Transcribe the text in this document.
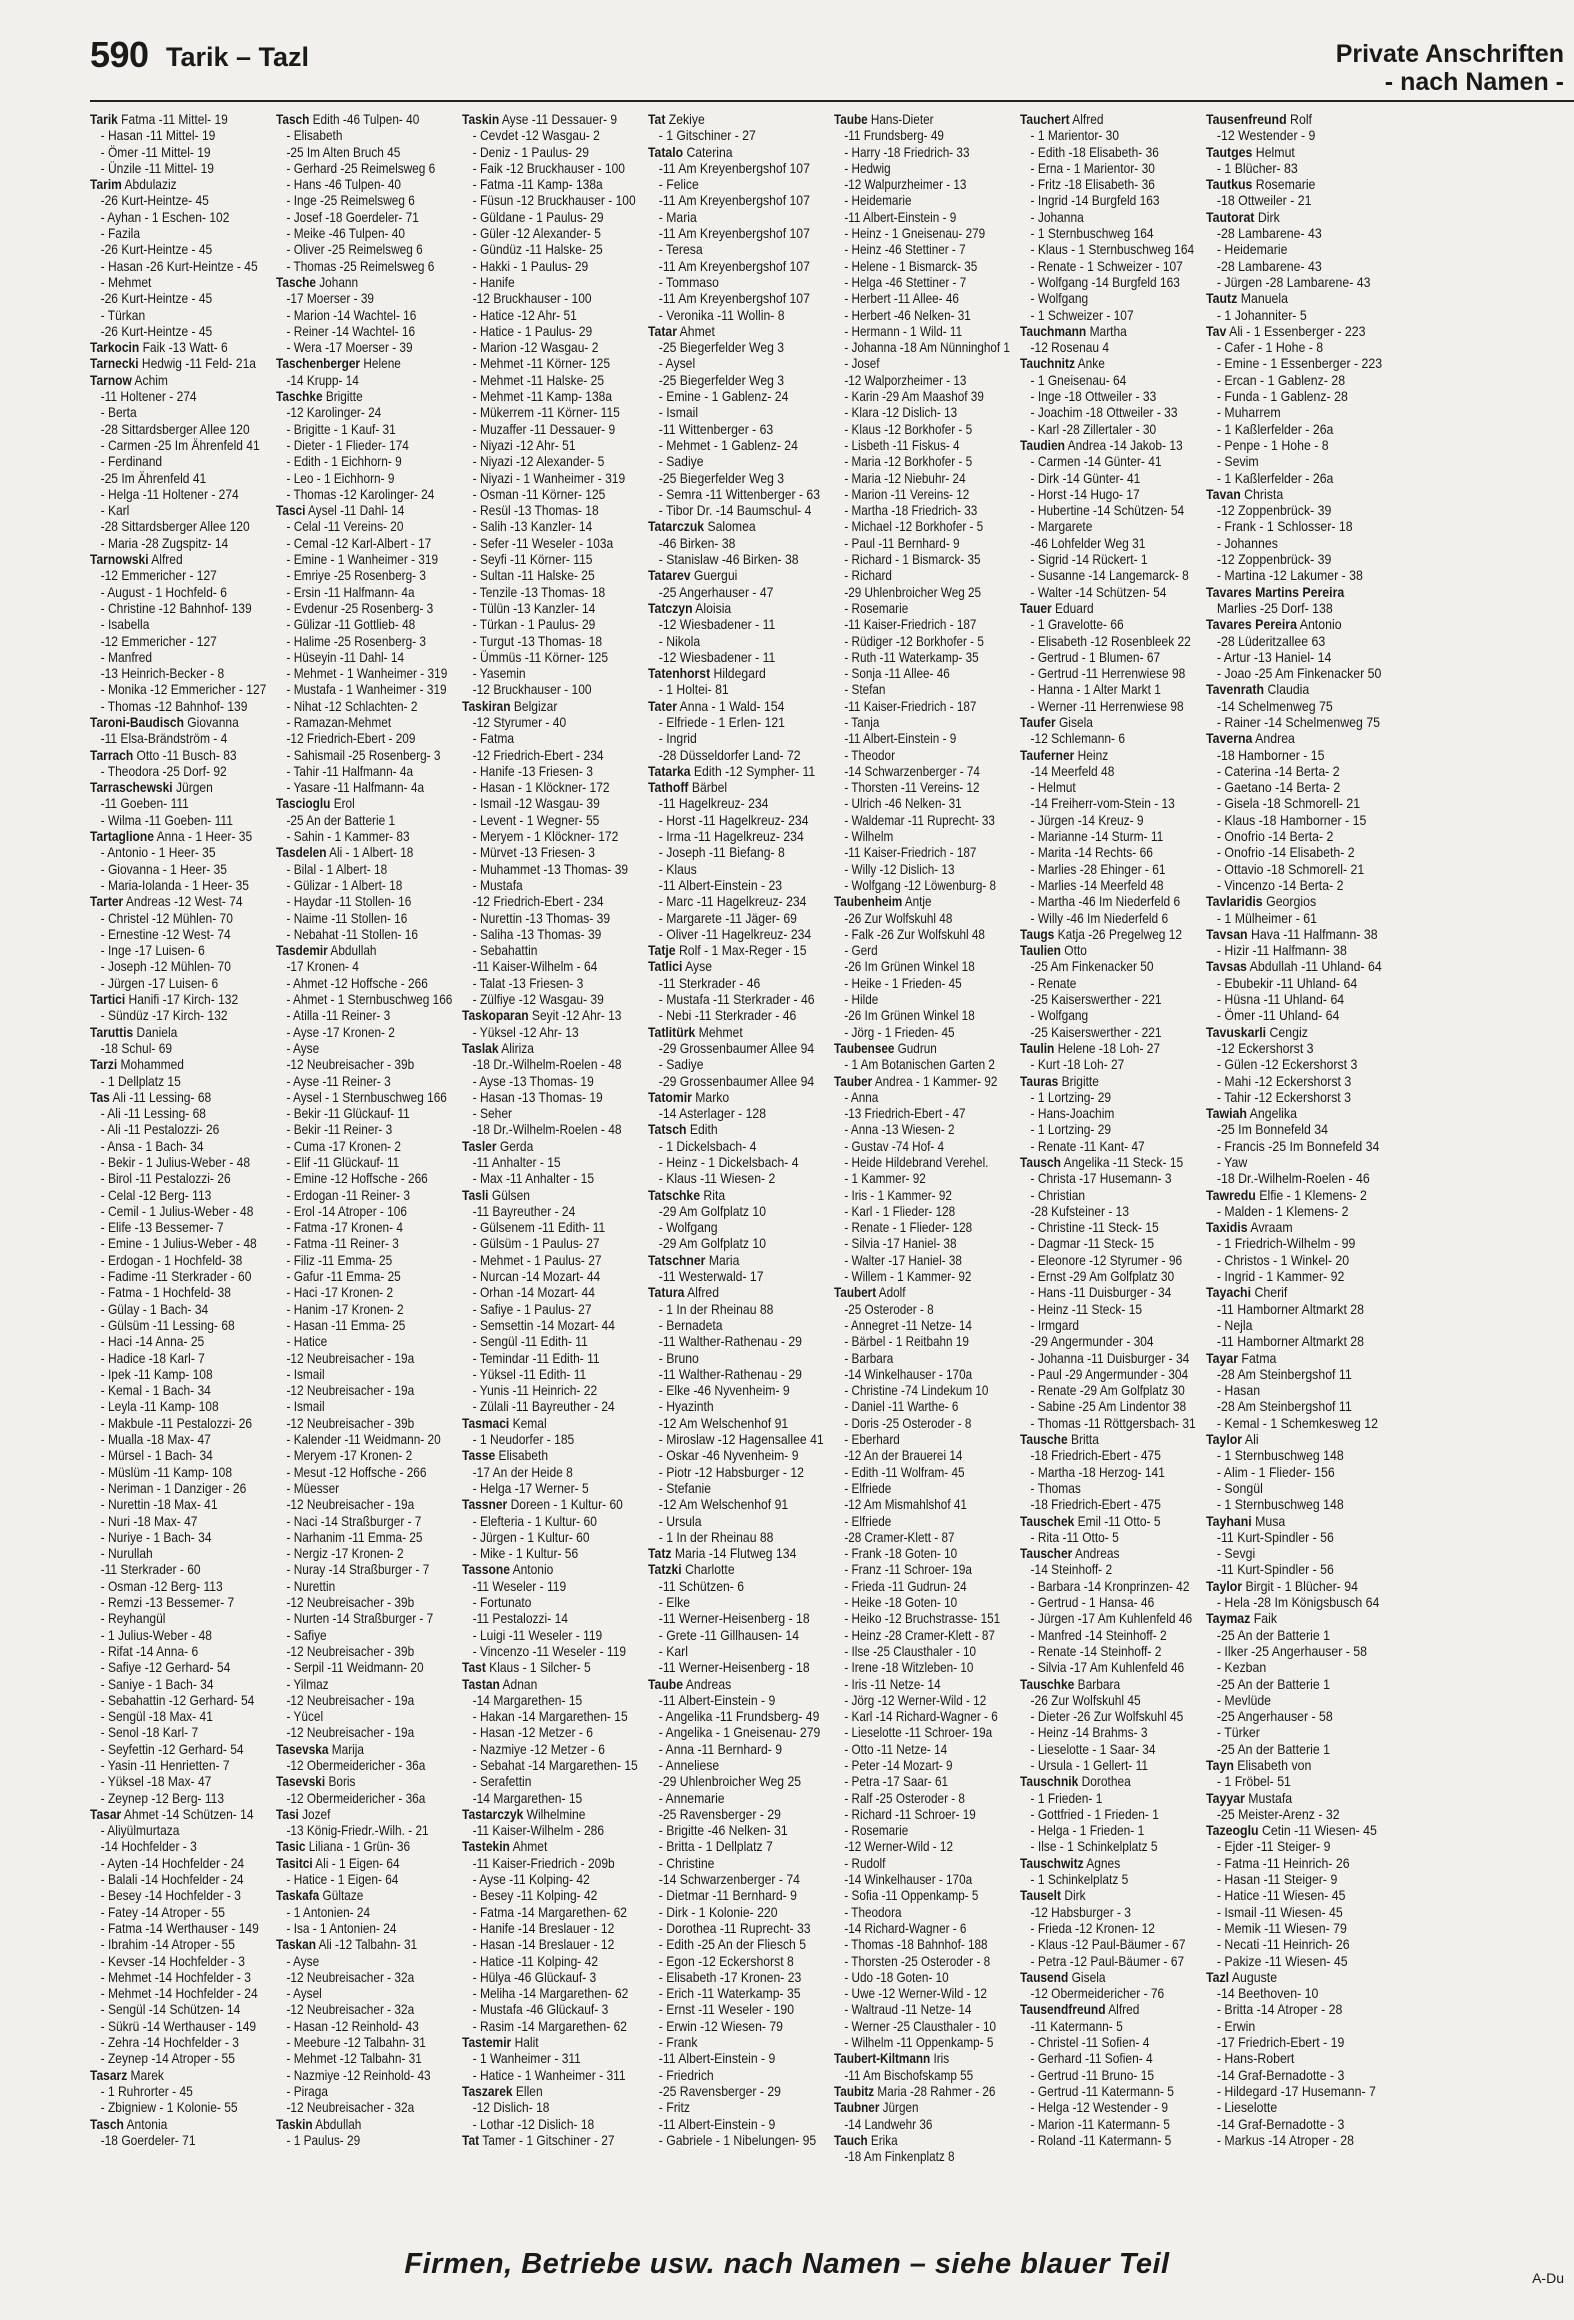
590 Tarik – Tazl	Private Anschriften
- nach Namen -
Tarik Fatma -11 Mittel- 19
- Hasan -11 Mittel- 19
- Ömer -11 Mittel- 19
- Ünzile -11 Mittel- 19
Tarim Abdulaziz
-26 Kurt-Heintze- 45
- Ayhan - 1 Eschen- 102
- Fazila
-26 Kurt-Heintze - 45
- Hasan -26 Kurt-Heintze - 45
- Mehmet
-26 Kurt-Heintze - 45
- Türkan
-26 Kurt-Heintze - 45
Tarkocin Faik -13 Watt- 6
Tarnecki Hedwig -11 Feld- 21a
Tarnow Achim
-11 Holtener - 274
- Berta
-28 Sittardsberger Allee 120
- Carmen -25 Im Ährenfeld 41
- Ferdinand
-25 Im Ährenfeld 41
- Helga -11 Holtener - 274
- Karl
-28 Sittardsberger Allee 120
- Maria -28 Zugspitz- 14
Tarnowski Alfred
-12 Emmericher - 127
- August - 1 Hochfeld- 6
- Christine -12 Bahnhof- 139
- Isabella
-12 Emmericher - 127
- Manfred
-13 Heinrich-Becker - 8
- Monika -12 Emmericher - 127
- Thomas -12 Bahnhof- 139
Taroni-Baudisch Giovanna
-11 Elsa-Brändström - 4
Tarrach Otto -11 Busch- 83
- Theodora -25 Dorf- 92
Tarraschewski Jürgen
-11 Goeben- 111
- Wilma -11 Goeben- 111
Tartaglione Anna - 1 Heer- 35
- Antonio - 1 Heer- 35
- Giovanna - 1 Heer- 35
- Maria-Iolanda - 1 Heer- 35
Tarter Andreas -12 West- 74
- Christel -12 Mühlen- 70
- Ernestine -12 West- 74
- Inge -17 Luisen- 6
- Joseph -12 Mühlen- 70
- Jürgen -17 Luisen- 6
Tartici Hanifi -17 Kirch- 132
- Sündüz -17 Kirch- 132
Taruttis Daniela
-18 Schul- 69
Tarzi Mohammed
- 1 Dellplatz 15
Tas Ali -11 Lessing- 68
- Ali -11 Lessing- 68
- Ali -11 Pestalozzi- 26
- Ansa - 1 Bach- 34
- Bekir - 1 Julius-Weber - 48
- Birol -11 Pestalozzi- 26
- Celal -12 Berg- 113
- Cemil - 1 Julius-Weber - 48
- Elife -13 Bessemer- 7
- Emine - 1 Julius-Weber - 48
- Erdogan - 1 Hochfeld- 38
- Fadime -11 Sterkrader - 60
- Fatma - 1 Hochfeld- 38
- Gülay - 1 Bach- 34
- Gülsüm -11 Lessing- 68
- Haci -14 Anna- 25
- Hadice -18 Karl- 7
- Ipek -11 Kamp- 108
- Kemal - 1 Bach- 34
- Leyla -11 Kamp- 108
- Makbule -11 Pestalozzi- 26
- Mualla -18 Max- 47
- Mürsel - 1 Bach- 34
- Müslüm -11 Kamp- 108
- Neriman - 1 Danziger - 26
- Nurettin -18 Max- 41
- Nuri -18 Max- 47
- Nuriye - 1 Bach- 34
- Nurullah
-11 Sterkrader - 60
- Osman -12 Berg- 113
- Remzi -13 Bessemer- 7
- Reyhangül
- 1 Julius-Weber - 48
- Rifat -14 Anna- 6
- Safiye -12 Gerhard- 54
- Saniye - 1 Bach- 34
- Sebahattin -12 Gerhard- 54
- Sengül -18 Max- 41
- Senol -18 Karl- 7
- Seyfettin -12 Gerhard- 54
- Yasin -11 Henrietten- 7
- Yüksel -18 Max- 47
- Zeynep -12 Berg- 113
Tasar Ahmet -14 Schützen- 14
- Aliyülmurtaza
-14 Hochfelder - 3
- Ayten -14 Hochfelder - 24
- Balali -14 Hochfelder - 24
- Besey -14 Hochfelder - 3
- Fatey -14 Atroper - 55
- Fatma -14 Werthauser - 149
- Ibrahim -14 Atroper - 55
- Kevser -14 Hochfelder - 3
- Mehmet -14 Hochfelder - 3
- Mehmet -14 Hochfelder - 24
- Sengül -14 Schützen- 14
- Sükrü -14 Werthauser - 149
- Zehra -14 Hochfelder - 3
- Zeynep -14 Atroper - 55
Tasarz Marek
- 1 Ruhrorter - 45
- Zbigniew - 1 Kolonie- 55
Tasch Antonia
-18 Goerdeler- 71
Tasch Edith -46 Tulpen- 40
- Elisabeth
-25 Im Alten Bruch 45
- Gerhard -25 Reimelsweg 6
- Hans -46 Tulpen- 40
- Inge -25 Reimelsweg 6
- Josef -18 Goerdeler- 71
- Meike -46 Tulpen- 40
- Oliver -25 Reimelsweg 6
- Thomas -25 Reimelsweg 6
Tasche Johann
-17 Moerser - 39
- Marion -14 Wachtel- 16
- Reiner -14 Wachtel- 16
- Wera -17 Moerser - 39
Taschenberger Helene
-14 Krupp- 14
Taschke Brigitte
-12 Karolinger- 24
- Brigitte - 1 Kauf- 31
- Dieter - 1 Flieder- 174
- Edith - 1 Eichhorn- 9
- Leo - 1 Eichhorn- 9
- Thomas -12 Karolinger- 24
Tasci Aysel -11 Dahl- 14
- Celal -11 Vereins- 20
- Cemal -12 Karl-Albert - 17
- Emine - 1 Wanheimer - 319
- Emriye -25 Rosenberg- 3
- Ersin -11 Halfmann- 4a
- Evdenur -25 Rosenberg- 3
- Gülizar -11 Gottlieb- 48
- Halime -25 Rosenberg- 3
- Hüseyin -11 Dahl- 14
- Mehmet - 1 Wanheimer - 319
- Mustafa - 1 Wanheimer - 319
- Nihat -12 Schlachten- 2
- Ramazan-Mehmet
-12 Friedrich-Ebert - 209
- Sahismail -25 Rosenberg- 3
- Tahir -11 Halfmann- 4a
- Yasare -11 Halfmann- 4a
Tascioglu Erol
-25 An der Batterie 1
- Sahin - 1 Kammer- 83
Tasdelen Ali - 1 Albert- 18
- Bilal - 1 Albert- 18
- Gülizar - 1 Albert- 18
- Haydar -11 Stollen- 16
- Naime -11 Stollen- 16
- Nebahat -11 Stollen- 16
Tasdemir Abdullah
-17 Kronen- 4
- Ahmet -12 Hoffsche - 266
- Ahmet - 1 Sternbuschweg 166
- Atilla -11 Reiner- 3
- Ayse -17 Kronen- 2
- Ayse
-12 Neubreisacher - 39b
- Ayse -11 Reiner- 3
- Aysel - 1 Sternbuschweg 166
- Bekir -11 Glückauf- 11
- Bekir -11 Reiner- 3
- Cuma -17 Kronen- 2
- Elif -11 Glückauf- 11
- Emine -12 Hoffsche - 266
- Erdogan -11 Reiner- 3
- Erol -14 Atroper - 106
- Fatma -17 Kronen- 4
- Fatma -11 Reiner- 3
- Filiz -11 Emma- 25
- Gafur -11 Emma- 25
- Haci -17 Kronen- 2
- Hanim -17 Kronen- 2
- Hasan -11 Emma- 25
- Hatice
-12 Neubreisacher - 19a
- Ismail
-12 Neubreisacher - 19a
- Ismail
-12 Neubreisacher - 39b
- Kalender -11 Weidmann- 20
- Meryem -17 Kronen- 2
- Mesut -12 Hoffsche - 266
- Müesser
-12 Neubreisacher - 19a
- Naci -14 Straßburger - 7
- Narhanim -11 Emma- 25
- Nergiz -17 Kronen- 2
- Nuray -14 Straßburger - 7
- Nurettin
-12 Neubreisacher - 39b
- Nurten -14 Straßburger - 7
- Safiye
-12 Neubreisacher - 39b
- Serpil -11 Weidmann- 20
- Yilmaz
-12 Neubreisacher - 19a
- Yücel
-12 Neubreisacher - 19a
Tasevska Marija
-12 Obermeidericher - 36a
Tasevski Boris
-12 Obermeidericher - 36a
Tasi Jozef
-13 König-Friedr.-Wilh. - 21
Tasic Liliana - 1 Grün- 36
Tasitci Ali - 1 Eigen- 64
- Hatice - 1 Eigen- 64
Taskafa Gültaze
- 1 Antonien- 24
- Isa - 1 Antonien- 24
Taskan Ali -12 Talbahn- 31
- Ayse
-12 Neubreisacher - 32a
- Aysel
-12 Neubreisacher - 32a
- Hasan -12 Reinhold- 43
- Meebure -12 Talbahn- 31
- Mehmet -12 Talbahn- 31
- Nazmiye -12 Reinhold- 43
- Piraga
-12 Neubreisacher - 32a
Taskin Abdullah
- 1 Paulus- 29
Taskin Ayse -11 Dessauer- 9
- Cevdet -12 Wasgau- 2
- Deniz - 1 Paulus- 29
- Faik -12 Bruckhauser - 100
- Fatma -11 Kamp- 138a
- Füsun -12 Bruckhauser - 100
- Güldane - 1 Paulus- 29
- Güler -12 Alexander- 5
- Gündüz -11 Halske- 25
- Hakki - 1 Paulus- 29
- Hanife
-12 Bruckhauser - 100
- Hatice -12 Ahr- 51
- Hatice - 1 Paulus- 29
- Marion -12 Wasgau- 2
- Mehmet -11 Körner- 125
- Mehmet -11 Halske- 25
- Mehmet -11 Kamp- 138a
- Mükerrem -11 Körner- 115
- Muzaffer -11 Dessauer- 9
- Niyazi -12 Ahr- 51
- Niyazi -12 Alexander- 5
- Niyazi - 1 Wanheimer - 319
- Osman -11 Körner- 125
- Resül -13 Thomas- 18
- Salih -13 Kanzler- 14
- Sefer -11 Weseler - 103a
- Seyfi -11 Körner- 115
- Sultan -11 Halske- 25
- Tenzile -13 Thomas- 18
- Tülün -13 Kanzler- 14
- Türkan - 1 Paulus- 29
- Turgut -13 Thomas- 18
- Ümmüs -11 Körner- 125
- Yasemin
-12 Bruckhauser - 100
Taskiran Belgizar
-12 Styrumer - 40
- Fatma
-12 Friedrich-Ebert - 234
- Hanife -13 Friesen- 3
- Hasan - 1 Klöckner- 172
- Ismail -12 Wasgau- 39
- Levent - 1 Wegner- 55
- Meryem - 1 Klöckner- 172
- Mürvet -13 Friesen- 3
- Muhammet -13 Thomas- 39
- Mustafa
-12 Friedrich-Ebert - 234
- Nurettin -13 Thomas- 39
- Saliha -13 Thomas- 39
- Sebahattin
-11 Kaiser-Wilhelm - 64
- Talat -13 Friesen- 3
- Zülfiye -12 Wasgau- 39
Taskoparan Seyit -12 Ahr- 13
- Yüksel -12 Ahr- 13
Taslak Aliriza
-18 Dr.-Wilhelm-Roelen - 48
- Ayse -13 Thomas- 19
- Hasan -13 Thomas- 19
- Seher
-18 Dr.-Wilhelm-Roelen - 48
Tasler Gerda
-11 Anhalter - 15
- Max -11 Anhalter - 15
Tasli Gülsen
-11 Bayreuther - 24
- Gülsenem -11 Edith- 11
- Gülsüm - 1 Paulus- 27
- Mehmet - 1 Paulus- 27
- Nurcan -14 Mozart- 44
- Orhan -14 Mozart- 44
- Safiye - 1 Paulus- 27
- Semsettin -14 Mozart- 44
- Sengül -11 Edith- 11
- Temindar -11 Edith- 11
- Yüksel -11 Edith- 11
- Yunis -11 Heinrich- 22
- Zülali -11 Bayreuther - 24
Tasmaci Kemal
- 1 Neudorfer - 185
Tasse Elisabeth
-17 An der Heide 8
- Helga -17 Werner- 5
Tassner Doreen - 1 Kultur- 60
- Elefteria - 1 Kultur- 60
- Jürgen - 1 Kultur- 60
- Mike - 1 Kultur- 56
Tassone Antonio
-11 Weseler - 119
- Fortunato
-11 Pestalozzi- 14
- Luigi -11 Weseler - 119
- Vincenzo -11 Weseler - 119
Tast Klaus - 1 Silcher- 5
Tastan Adnan
-14 Margarethen- 15
- Hakan -14 Margarethen- 15
- Hasan -12 Metzer - 6
- Nazmiye -12 Metzer - 6
- Sebahat -14 Margarethen- 15
- Serafettin
-14 Margarethen- 15
Tastarczyk Wilhelmine
-11 Kaiser-Wilhelm - 286
Tastekin Ahmet
-11 Kaiser-Friedrich - 209b
- Ayse -11 Kolping- 42
- Besey -11 Kolping- 42
- Fatma -14 Margarethen- 62
- Hanife -14 Breslauer - 12
- Hasan -14 Breslauer - 12
- Hatice -11 Kolping- 42
- Hülya -46 Glückauf- 3
- Meliha -14 Margarethen- 62
- Mustafa -46 Glückauf- 3
- Rasim -14 Margarethen- 62
Tastemir Halit
- 1 Wanheimer - 311
- Hatice - 1 Wanheimer - 311
Taszarek Ellen
-12 Dislich- 18
- Lothar -12 Dislich- 18
Tat Tamer - 1 Gitschiner - 27
Tat Zekiye
- 1 Gitschiner - 27
Tatalo Caterina
-11 Am Kreyenbergshof 107
- Felice
-11 Am Kreyenbergshof 107
- Maria
-11 Am Kreyenbergshof 107
- Teresa
-11 Am Kreyenbergshof 107
- Tommaso
-11 Am Kreyenbergshof 107
- Veronika -11 Wollin- 8
Tatar Ahmet
-25 Biegerfelder Weg 3
- Aysel
-25 Biegerfelder Weg 3
- Emine - 1 Gablenz- 24
- Ismail
-11 Wittenberger - 63
- Mehmet - 1 Gablenz- 24
- Sadiye
-25 Biegerfelder Weg 3
- Semra -11 Wittenberger - 63
- Tibor Dr. -14 Baumschul- 4
Tatarczuk Salomea
-46 Birken- 38
- Stanislaw -46 Birken- 38
Tatarev Guergui
-25 Angerhauser - 47
Tatczyn Aloisia
-12 Wiesbadener - 11
- Nikola
-12 Wiesbadener - 11
Tatenhorst Hildegard
- 1 Holtei- 81
Tater Anna - 1 Wald- 154
- Elfriede - 1 Erlen- 121
- Ingrid
-28 Düsseldorfer Land- 72
Tatarka Edith -12 Sympher- 11
Tathoff Bärbel
-11 Hagelkreuz- 234
- Horst -11 Hagelkreuz- 234
- Irma -11 Hagelkreuz- 234
- Joseph -11 Biefang- 8
- Klaus
-11 Albert-Einstein - 23
- Marc -11 Hagelkreuz- 234
- Margarete -11 Jäger- 69
- Oliver -11 Hagelkreuz- 234
Tatje Rolf - 1 Max-Reger - 15
Tatlici Ayse
-11 Sterkrader - 46
- Mustafa -11 Sterkrader - 46
- Nebi -11 Sterkrader - 46
Tatlitürk Mehmet
-29 Grossenbaumer Allee 94
- Sadiye
-29 Grossenbaumer Allee 94
Tatomir Marko
-14 Asterlager - 128
Tatsch Edith
- 1 Dickelsbach- 4
- Heinz - 1 Dickelsbach- 4
- Klaus -11 Wiesen- 2
Tatschke Rita
-29 Am Golfplatz 10
- Wolfgang
-29 Am Golfplatz 10
Tatschner Maria
-11 Westerwald- 17
Tatura Alfred
- 1 In der Rheinau 88
- Bernadeta
-11 Walther-Rathenau - 29
- Bruno
-11 Walther-Rathenau - 29
- Elke -46 Nyvenheim- 9
- Hyazinth
-12 Am Welschenhof 91
- Miroslaw -12 Hagensallee 41
- Oskar -46 Nyvenheim- 9
- Piotr -12 Habsburger - 12
- Stefanie
-12 Am Welschenhof 91
- Ursula
- 1 In der Rheinau 88
Tatz Maria -14 Flutweg 134
Tatzki Charlotte
-11 Schützen- 6
- Elke
-11 Werner-Heisenberg - 18
- Grete -11 Gillhausen- 14
- Karl
-11 Werner-Heisenberg - 18
Taube Andreas
-11 Albert-Einstein - 9
- Angelika -11 Frundsberg- 49
- Angelika - 1 Gneisenau- 279
- Anna -11 Bernhard- 9
- Anneliese
-29 Uhlenbroicher Weg 25
- Annemarie
-25 Ravensberger - 29
- Brigitte -46 Nelken- 31
- Britta - 1 Dellplatz 7
- Christine
-14 Schwarzenberger - 74
- Dietmar -11 Bernhard- 9
- Dirk - 1 Kolonie- 220
- Dorothea -11 Ruprecht- 33
- Edith -25 An der Fliesch 5
- Egon -12 Eckershorst 8
- Elisabeth -17 Kronen- 23
- Erich -11 Waterkamp- 35
- Ernst -11 Weseler - 190
- Erwin -12 Wiesen- 79
- Frank
-11 Albert-Einstein - 9
- Friedrich
-25 Ravensberger - 29
- Fritz
-11 Albert-Einstein - 9
- Gabriele - 1 Nibelungen- 95
Taube Hans-Dieter
-11 Frundsberg- 49
- Harry -18 Friedrich- 33
- Hedwig
-12 Walpurzheimer - 13
- Heidemarie
-11 Albert-Einstein - 9
- Heinz - 1 Gneisenau- 279
- Heinz -46 Stettiner - 7
- Helene - 1 Bismarck- 35
- Helga -46 Stettiner - 7
- Herbert -11 Allee- 46
- Herbert -46 Nelken- 31
- Hermann - 1 Wild- 11
- Johanna -18 Am Nünninghof 1
- Josef
-12 Walporzheimer - 13
- Karin -29 Am Maashof 39
- Klara -12 Dislich- 13
- Klaus -12 Borkhofer - 5
- Lisbeth -11 Fiskus- 4
- Maria -12 Borkhofer - 5
- Maria -12 Niebuhr- 24
- Marion -11 Vereins- 12
- Martha -18 Friedrich- 33
- Michael -12 Borkhofer - 5
- Paul -11 Bernhard- 9
- Richard - 1 Bismarck- 35
- Richard
-29 Uhlenbroicher Weg 25
- Rosemarie
-11 Kaiser-Friedrich - 187
- Rüdiger -12 Borkhofer - 5
- Ruth -11 Waterkamp- 35
- Sonja -11 Allee- 46
- Stefan
-11 Kaiser-Friedrich - 187
- Tanja
-11 Albert-Einstein - 9
- Theodor
-14 Schwarzenberger - 74
- Thorsten -11 Vereins- 12
- Ulrich -46 Nelken- 31
- Waldemar -11 Ruprecht- 33
- Wilhelm
-11 Kaiser-Friedrich - 187
- Willy -12 Dislich- 13
- Wolfgang -12 Löwenburg- 8
Taubenheim Antje
-26 Zur Wolfskuhl 48
- Falk -26 Zur Wolfskuhl 48
- Gerd
-26 Im Grünen Winkel 18
- Heike - 1 Frieden- 45
- Hilde
-26 Im Grünen Winkel 18
- Jörg - 1 Frieden- 45
Taubensee Gudrun
- 1 Am Botanischen Garten 2
Tauber Andrea - 1 Kammer- 92
- Anna
-13 Friedrich-Ebert - 47
- Anna -13 Wiesen- 2
- Gustav -74 Hof- 4
- Heide Hildebrand Verehel.
- 1 Kammer- 92
- Iris - 1 Kammer- 92
- Karl - 1 Flieder- 128
- Renate - 1 Flieder- 128
- Silvia -17 Haniel- 38
- Walter -17 Haniel- 38
- Willem - 1 Kammer- 92
Taubert Adolf
-25 Osteroder - 8
- Annegret -11 Netze- 14
- Bärbel - 1 Reitbahn 19
- Barbara
-14 Winkelhauser - 170a
- Christine -74 Lindekum 10
- Daniel -11 Warthe- 6
- Doris -25 Osteroder - 8
- Eberhard
-12 An der Brauerei 14
- Edith -11 Wolfram- 45
- Elfriede
-12 Am Mismahlshof 41
- Elfriede
-28 Cramer-Klett - 87
- Frank -18 Goten- 10
- Franz -11 Schroer- 19a
- Frieda -11 Gudrun- 24
- Heike -18 Goten- 10
- Heiko -12 Bruchstrasse- 151
- Heinz -28 Cramer-Klett - 87
- Ilse -25 Clausthaler - 10
- Irene -18 Witzleben- 10
- Iris -11 Netze- 14
- Jörg -12 Werner-Wild - 12
- Karl -14 Richard-Wagner - 6
- Lieselotte -11 Schroer- 19a
- Otto -11 Netze- 14
- Peter -14 Mozart- 9
- Petra -17 Saar- 61
- Ralf -25 Osteroder - 8
- Richard -11 Schroer- 19
- Rosemarie
-12 Werner-Wild - 12
- Rudolf
-14 Winkelhauser - 170a
- Sofia -11 Oppenkamp- 5
- Theodora
-14 Richard-Wagner - 6
- Thomas -18 Bahnhof- 188
- Thorsten -25 Osteroder - 8
- Udo -18 Goten- 10
- Uwe -12 Werner-Wild - 12
- Waltraud -11 Netze- 14
- Werner -25 Clausthaler - 10
- Wilhelm -11 Oppenkamp- 5
Taubert-Kiltmann Iris
-11 Am Bischofskamp 55
Taubitz Maria -28 Rahmer - 26
Taubner Jürgen
-14 Landwehr 36
Tauch Erika
-18 Am Finkenplatz 8
Tauchert Alfred
- 1 Marientor- 30
- Edith -18 Elisabeth- 36
- Erna - 1 Marientor- 30
- Fritz -18 Elisabeth- 36
- Ingrid -14 Burgfeld 163
- Johanna
- 1 Sternbuschweg 164
- Klaus - 1 Sternbuschweg 164
- Renate - 1 Schweizer - 107
- Wolfgang -14 Burgfeld 163
- Wolfgang
- 1 Schweizer - 107
Tauchmann Martha
-12 Rosenau 4
Tauchnitz Anke
- 1 Gneisenau- 64
- Inge -18 Ottweiler - 33
- Joachim -18 Ottweiler - 33
- Karl -28 Zillertaler - 30
Taudien Andrea -14 Jakob- 13
- Carmen -14 Günter- 41
- Dirk -14 Günter- 41
- Horst -14 Hugo- 17
- Hubertine -14 Schützen- 54
- Margarete
-46 Lohfelder Weg 31
- Sigrid -14 Rückert- 1
- Susanne -14 Langemarck- 8
- Walter -14 Schützen- 54
Tauer Eduard
- 1 Gravelotte- 66
- Elisabeth -12 Rosenbleek 22
- Gertrud - 1 Blumen- 67
- Gertrud -11 Herrenwiese 98
- Hanna - 1 Alter Markt 1
- Werner -11 Herrenwiese 98
Taufer Gisela
-12 Schlemann- 6
Tauferner Heinz
-14 Meerfeld 48
- Helmut
-14 Freiherr-vom-Stein - 13
- Jürgen -14 Kreuz- 9
- Marianne -14 Sturm- 11
- Marita -14 Rechts- 66
- Marlies -28 Ehinger - 61
- Marlies -14 Meerfeld 48
- Martha -46 Im Niederfeld 6
- Willy -46 Im Niederfeld 6
Taugs Katja -26 Pregelweg 12
Taulien Otto
-25 Am Finkenacker 50
- Renate
-25 Kaiserswerther - 221
- Wolfgang
-25 Kaiserswerther - 221
Taulin Helene -18 Loh- 27
- Kurt -18 Loh- 27
Tauras Brigitte
- 1 Lortzing- 29
- Hans-Joachim
- 1 Lortzing- 29
- Renate -11 Kant- 47
Tausch Angelika -11 Steck- 15
- Christa -17 Husemann- 3
- Christian
-28 Kufsteiner - 13
- Christine -11 Steck- 15
- Dagmar -11 Steck- 15
- Eleonore -12 Styrumer - 96
- Ernst -29 Am Golfplatz 30
- Hans -11 Duisburger - 34
- Heinz -11 Steck- 15
- Irmgard
-29 Angermunder - 304
- Johanna -11 Duisburger - 34
- Paul -29 Angermunder - 304
- Renate -29 Am Golfplatz 30
- Sabine -25 Am Lindentor 38
- Thomas -11 Röttgersbach- 31
Tausche Britta
-18 Friedrich-Ebert - 475
- Martha -18 Herzog- 141
- Thomas
-18 Friedrich-Ebert - 475
Tauschek Emil -11 Otto- 5
- Rita -11 Otto- 5
Tauscher Andreas
-14 Steinhoff- 2
- Barbara -14 Kronprinzen- 42
- Gertrud - 1 Hansa- 46
- Jürgen -17 Am Kuhlenfeld 46
- Manfred -14 Steinhoff- 2
- Renate -14 Steinhoff- 2
- Silvia -17 Am Kuhlenfeld 46
Tauschke Barbara
-26 Zur Wolfskuhl 45
- Dieter -26 Zur Wolfskuhl 45
- Heinz -14 Brahms- 3
- Lieselotte - 1 Saar- 34
- Ursula - 1 Gellert- 11
Tauschnik Dorothea
- 1 Frieden- 1
- Gottfried - 1 Frieden- 1
- Helga - 1 Frieden- 1
- Ilse - 1 Schinkelplatz 5
Tauschwitz Agnes
- 1 Schinkelplatz 5
Tauselt Dirk
-12 Habsburger - 3
- Frieda -12 Kronen- 12
- Klaus -12 Paul-Bäumer - 67
- Petra -12 Paul-Bäumer - 67
Tausend Gisela
-12 Obermeidericher - 76
Tausendfreund Alfred
-11 Katermann- 5
- Christel -11 Sofien- 4
- Gerhard -11 Sofien- 4
- Gertrud -11 Bruno- 15
- Gertrud -11 Katermann- 5
- Helga -12 Westender - 9
- Marion -11 Katermann- 5
- Roland -11 Katermann- 5
Tausenfreund Rolf
-12 Westender - 9
Tautges Helmut
- 1 Blücher- 83
Tautkus Rosemarie
-18 Ottweiler - 21
Tautorat Dirk
-28 Lambarene- 43
- Heidemarie
-28 Lambarene- 43
- Jürgen -28 Lambarene- 43
Tautz Manuela
- 1 Johanniter- 5
Tav Ali - 1 Essenberger - 223
- Cafer - 1 Hohe - 8
- Emine - 1 Essenberger - 223
- Ercan - 1 Gablenz- 28
- Funda - 1 Gablenz- 28
- Muharrem
- 1 Kaßlerfelder - 26a
- Penpe - 1 Hohe - 8
- Sevim
- 1 Kaßlerfelder - 26a
Tavan Christa
-12 Zoppenbrück- 39
- Frank - 1 Schlosser- 18
- Johannes
-12 Zoppenbrück- 39
- Martina -12 Lakumer - 38
Tavares Martins Pereira
Marlies -25 Dorf- 138
Tavares Pereira Antonio
-28 Lüderitzallee 63
- Artur -13 Haniel- 14
- Joao -25 Am Finkenacker 50
Tavenrath Claudia
-14 Schelmenweg 75
- Rainer -14 Schelmenweg 75
Taverna Andrea
-18 Hamborner - 15
- Caterina -14 Berta- 2
- Gaetano -14 Berta- 2
- Gisela -18 Schmorell- 21
- Klaus -18 Hamborner - 15
- Onofrio -14 Berta- 2
- Onofrio -14 Elisabeth- 2
- Ottavio -18 Schmorell- 21
- Vincenzo -14 Berta- 2
Tavlaridis Georgios
- 1 Mülheimer - 61
Tavsan Hava -11 Halfmann- 38
- Hizir -11 Halfmann- 38
Tavsas Abdullah -11 Uhland- 64
- Ebubekir -11 Uhland- 64
- Hüsna -11 Uhland- 64
- Ömer -11 Uhland- 64
Tavuskarli Cengiz
-12 Eckershorst 3
- Gülen -12 Eckershorst 3
- Mahi -12 Eckershorst 3
- Tahir -12 Eckershorst 3
Tawiah Angelika
-25 Im Bonnefeld 34
- Francis -25 Im Bonnefeld 34
- Yaw
-18 Dr.-Wilhelm-Roelen - 46
Tawredu Elfie - 1 Klemens- 2
- Malden - 1 Klemens- 2
Taxidis Avraam
- 1 Friedrich-Wilhelm - 99
- Christos - 1 Winkel- 20
- Ingrid - 1 Kammer- 92
Tayachi Cherif
-11 Hamborner Altmarkt 28
- Nejla
-11 Hamborner Altmarkt 28
Tayar Fatma
-28 Am Steinbergshof 11
- Hasan
-28 Am Steinbergshof 11
- Kemal - 1 Schemkesweg 12
Taylor Ali
- 1 Sternbuschweg 148
- Alim - 1 Flieder- 156
- Songül
- 1 Sternbuschweg 148
Tayhani Musa
-11 Kurt-Spindler - 56
- Sevgi
-11 Kurt-Spindler - 56
Taylor Birgit - 1 Blücher- 94
- Hela -28 Im Königsbusch 64
Taymaz Faik
-25 An der Batterie 1
- Ilker -25 Angerhauser - 58
- Kezban
-25 An der Batterie 1
- Mevlüde
-25 Angerhauser - 58
- Türker
-25 An der Batterie 1
Tayn Elisabeth von
- 1 Fröbel- 51
Tayyar Mustafa
-25 Meister-Arenz - 32
Tazeoglu Cetin -11 Wiesen- 45
- Ejder -11 Steiger- 9
- Fatma -11 Heinrich- 26
- Hasan -11 Steiger- 9
- Hatice -11 Wiesen- 45
- Ismail -11 Wiesen- 45
- Memik -11 Wiesen- 79
- Necati -11 Heinrich- 26
- Pakize -11 Wiesen- 45
Tazl Auguste
-14 Beethoven- 10
- Britta -14 Atroper - 28
- Erwin
-17 Friedrich-Ebert - 19
- Hans-Robert
-14 Graf-Bernadotte - 3
- Hildegard -17 Husemann- 7
- Lieselotte
-14 Graf-Bernadotte - 3
- Markus -14 Atroper - 28
Firmen, Betriebe usw. nach Namen – siehe blauer Teil	A-Du
